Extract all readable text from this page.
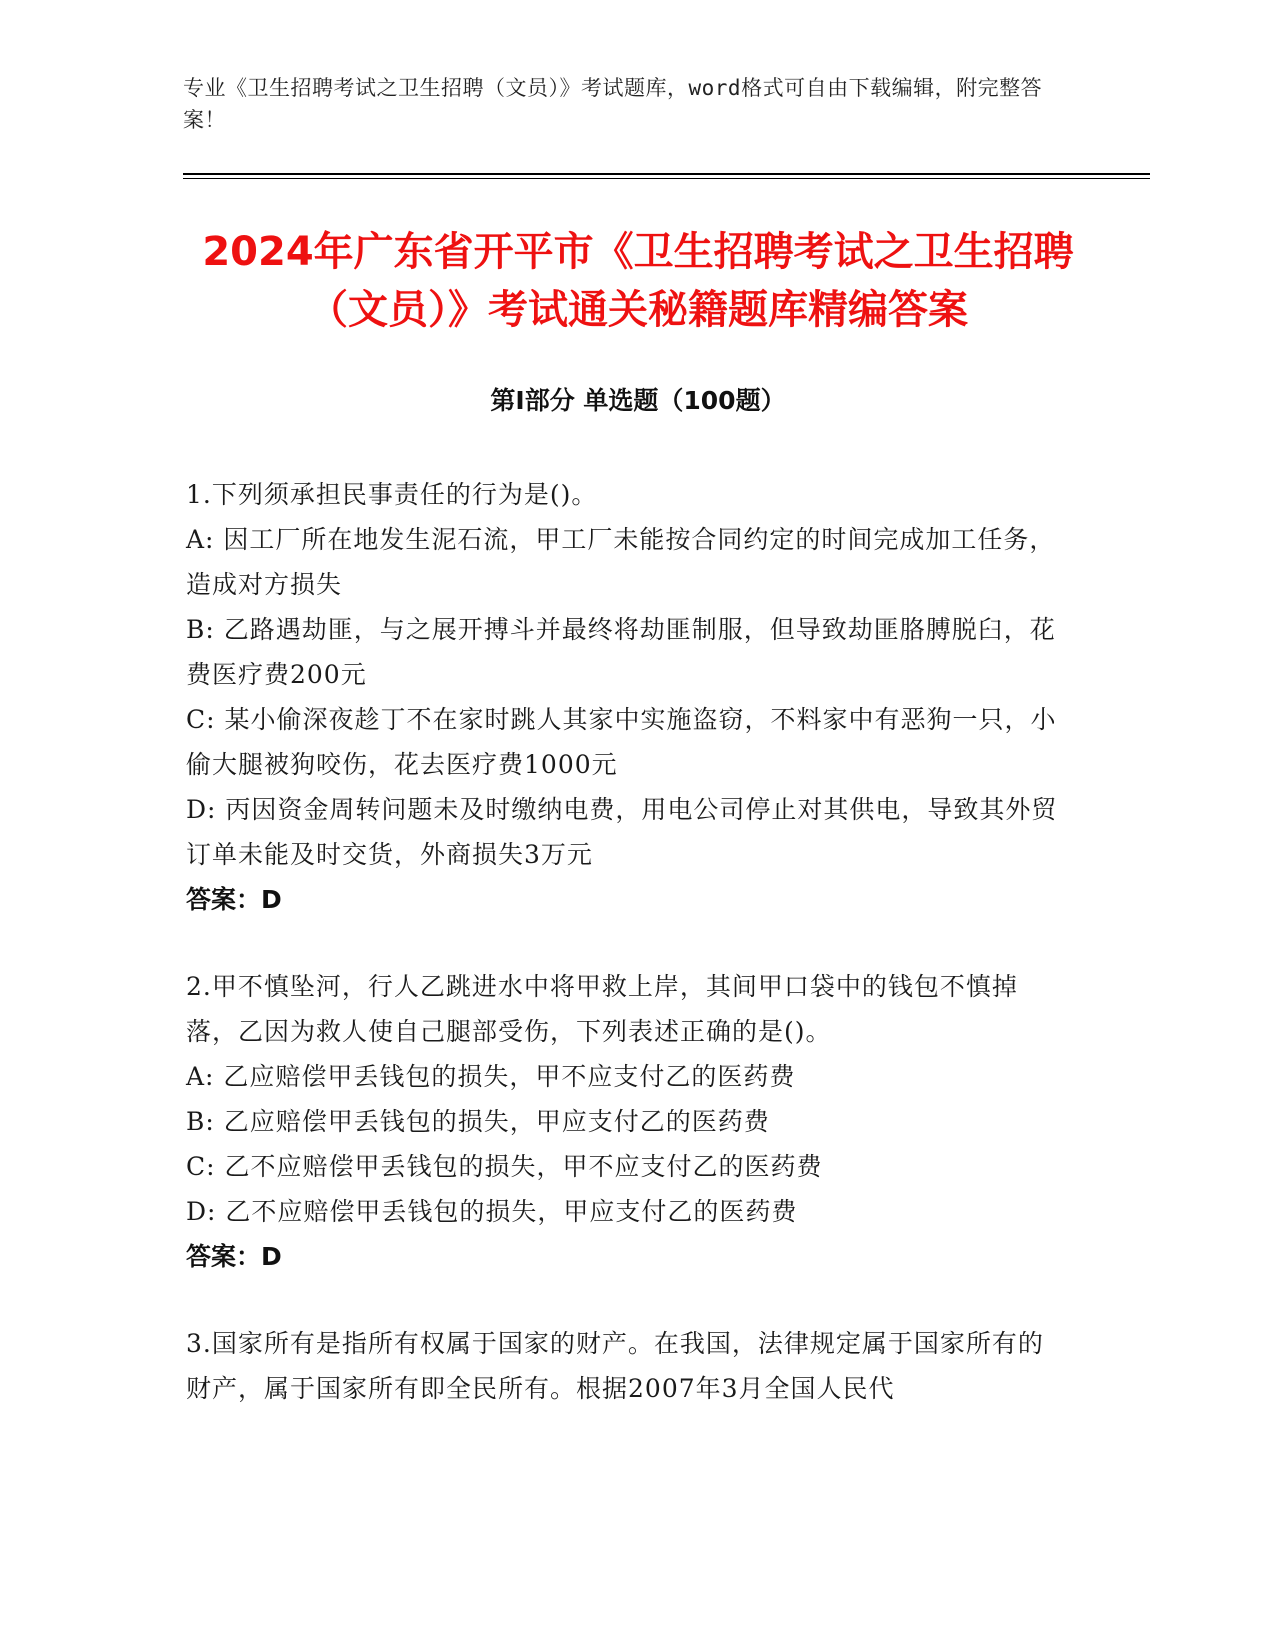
专业《卫生招聘考试之卫生招聘（文员）》考试题库，word格式可自由下载编辑，附完整答案！
2024年广东省开平市《卫生招聘考试之卫生招聘（文员）》考试通关秘籍题库精编答案
第Ⅰ部分 单选题（100题）
1.下列须承担民事责任的行为是()。
A: 因工厂所在地发生泥石流，甲工厂未能按合同约定的时间完成加工任务，造成对方损失
B: 乙路遇劫匪，与之展开搏斗并最终将劫匪制服，但导致劫匪胳膊脱臼，花费医疗费200元
C: 某小偷深夜趁丁不在家时跳人其家中实施盗窃，不料家中有恶狗一只，小偷大腿被狗咬伤，花去医疗费1000元
D: 丙因资金周转问题未及时缴纳电费，用电公司停止对其供电，导致其外贸订单未能及时交货，外商损失3万元
答案：D
2.甲不慎坠河，行人乙跳进水中将甲救上岸，其间甲口袋中的钱包不慎掉落，乙因为救人使自己腿部受伤，下列表述正确的是()。
A: 乙应赔偿甲丢钱包的损失，甲不应支付乙的医药费
B: 乙应赔偿甲丢钱包的损失，甲应支付乙的医药费
C: 乙不应赔偿甲丢钱包的损失，甲不应支付乙的医药费
D: 乙不应赔偿甲丢钱包的损失，甲应支付乙的医药费
答案：D
3.国家所有是指所有权属于国家的财产。在我国，法律规定属于国家所有的财产，属于国家所有即全民所有。根据2007年3月全国人民代
